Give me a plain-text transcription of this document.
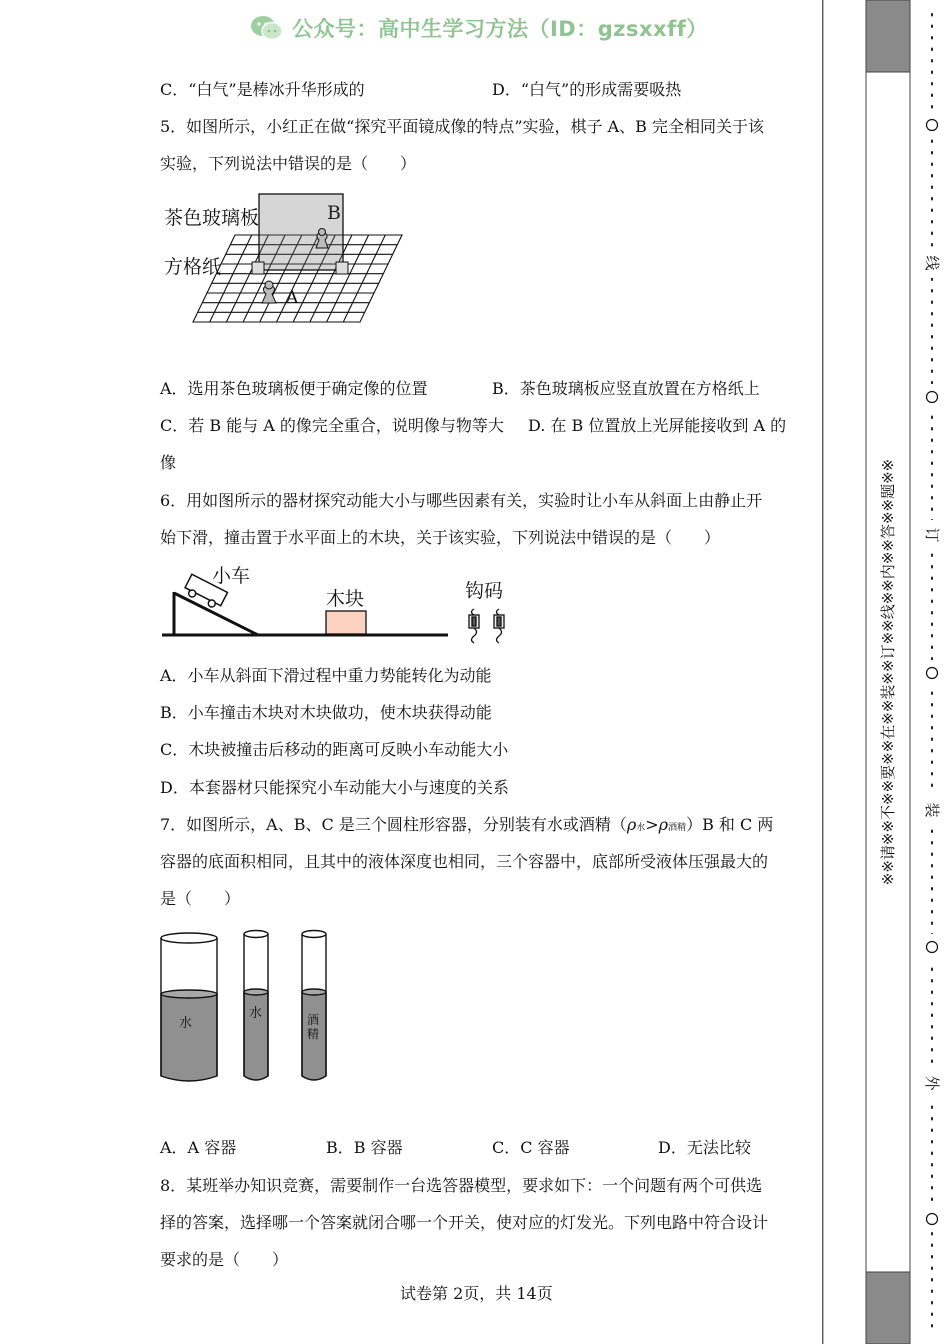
公众号：高中生学习方法（ID：gzsxxff）
C．“白气”是棒冰升华形成的	D．“白气”的形成需要吸热
5．如图所示，小红正在做“探究平面镜成像的特点”实验，棋子 A、B 完全相同关于该
实验，下列说法中错误的是（　　）
茶色玻璃板
方格纸
B
A
A．选用茶色玻璃板便于确定像的位置	B．茶色玻璃板应竖直放置在方格纸上
C．若 B 能与 A 的像完全重合，说明像与物等大 D. 在 B 位置放上光屏能接收到 A 的
像
6．用如图所示的器材探究动能大小与哪些因素有关，实验时让小车从斜面上由静止开
始下滑，撞击置于水平面上的木块，关于该实验，下列说法中错误的是（　　）
小车
木块	钩码
A．小车从斜面下滑过程中重力势能转化为动能
B．小车撞击木块对木块做功，使木块获得动能
C．木块被撞击后移动的距离可反映小车动能大小
D．本套器材只能探究小车动能大小与速度的关系
7．如图所示，A、B、C 是三个圆柱形容器，分别装有水或酒精（ρ水>ρ酒精）B 和 C 两
容器的底面积相同，且其中的液体深度也相同，三个容器中，底部所受液体压强最大的
是（　　）
水
水	酒
精
A．A 容器	B．B 容器	C．C 容器	D．无法比较
8．某班举办知识竞赛，需要制作一台选答器模型，要求如下：一个问题有两个可供选
择的答案，选择哪一个答案就闭合哪一个开关，使对应的灯发光。下列电路中符合设计
要求的是（　　）
试卷第 2页，共 14页
线
订
装
外
※※请※※不※※要※※在※※装※※订※※线※※内※※答※※题※※
